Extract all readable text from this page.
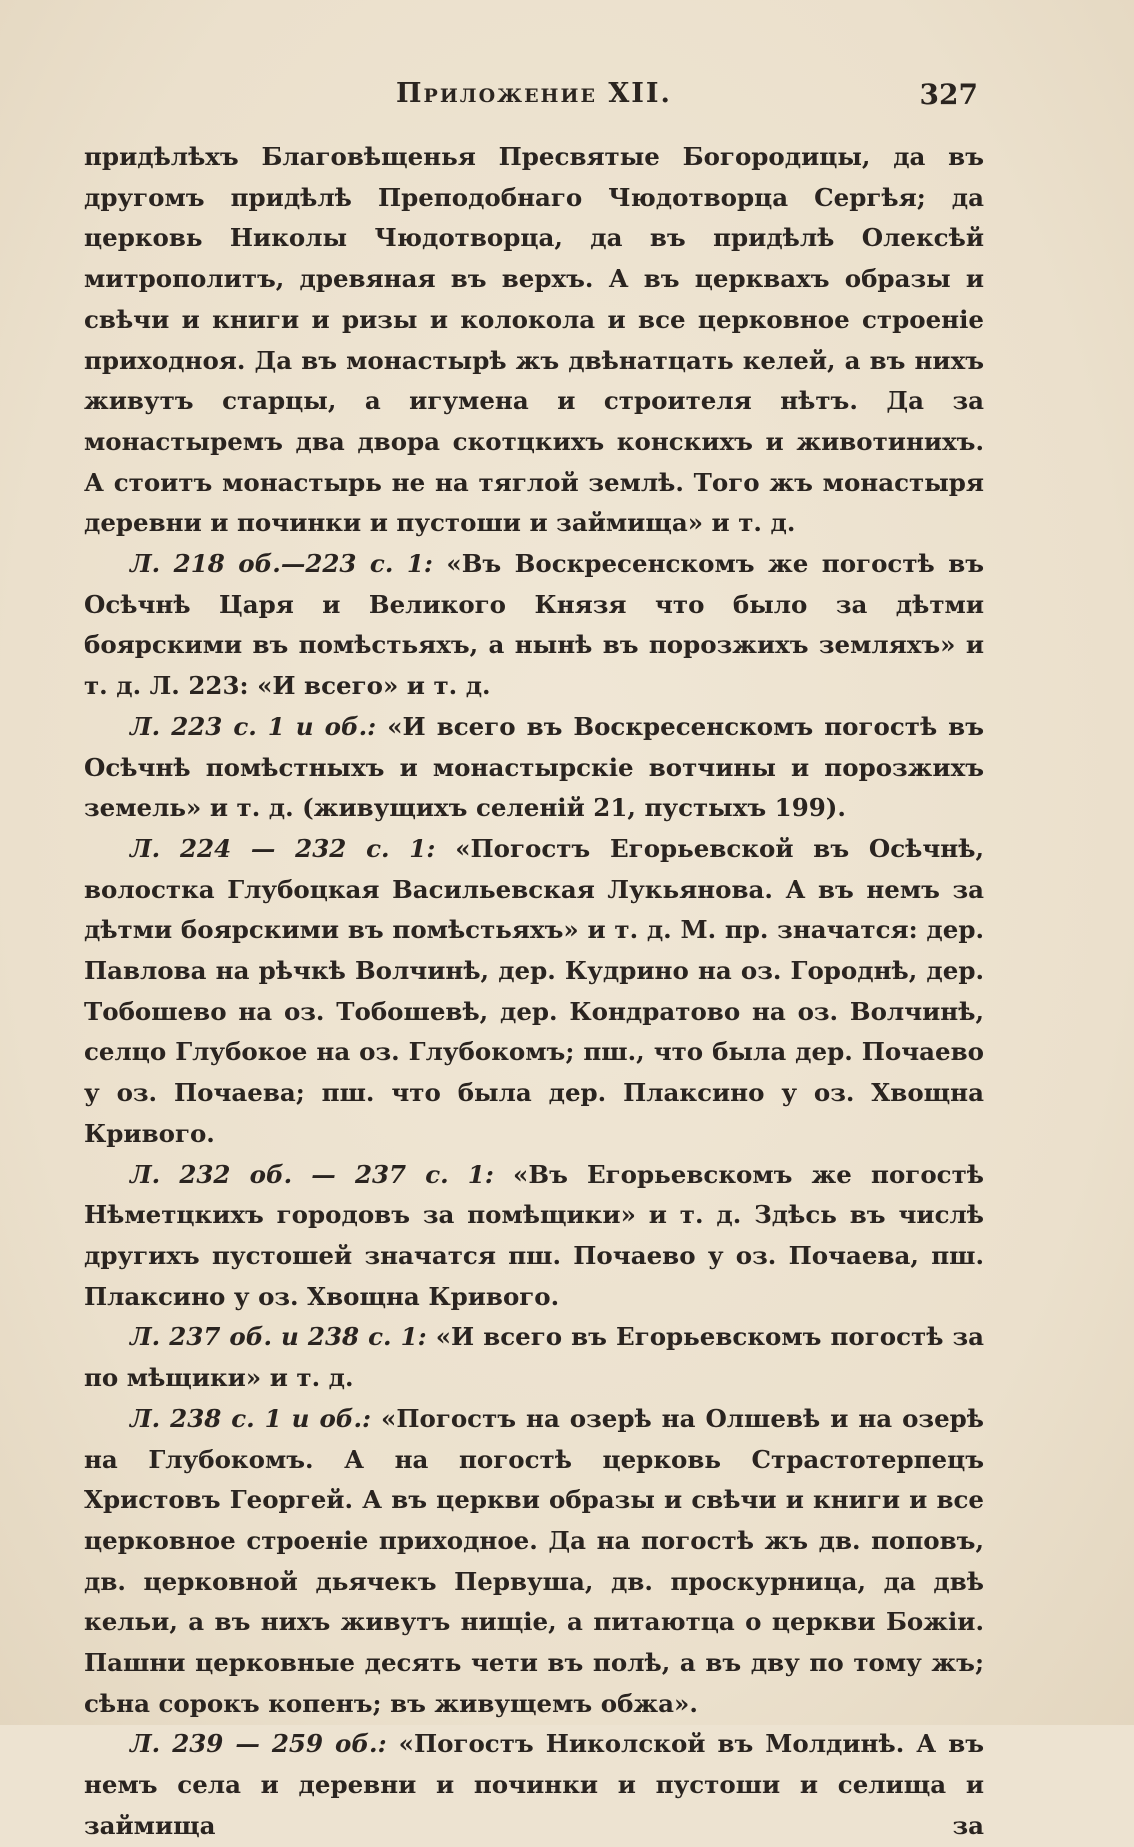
Приложение XII.	327

придѣлѣхъ Благовѣщенья Пресвятые Богородицы, да въ другомъ придѣлѣ Преподобнаго Чюдотворца Сергѣя; да церковь Николы Чюдотворца, да въ придѣлѣ Олексѣй митрополитъ, древяная въ верхъ. А въ церквахъ образы и свѣчи и книги и ризы и колокола и все церковное строеніе приходноя. Да въ монастырѣ жъ двѣнатцать келей, а въ нихъ живутъ старцы, а игумена и строителя нѣтъ. Да за монастыремъ два двора скотцкихъ конскихъ и животинихъ. А стоитъ монастырь не на тяглой землѣ. Того жъ монастыря деревни и починки и пустоши и займища» и т. д.

Л. 218 об.—223 с. 1: «Въ Воскресенскомъ же погостѣ въ Осѣчнѣ Царя и Великого Князя что было за дѣтми боярскими въ помѣстьяхъ, а нынѣ въ порозжихъ земляхъ» и т. д. Л. 223: «И всего» и т. д.

Л. 223 с. 1 и об.: «И всего въ Воскресенскомъ погостѣ въ Осѣчнѣ помѣстныхъ и монастырскіе вотчины и порозжихъ земель» и т. д. (живущихъ селеній 21, пустыхъ 199).

Л. 224 — 232 с. 1: «Погостъ Егорьевской въ Осѣчнѣ, волостка Глубоцкая Васильевская Лукьянова. А въ немъ за дѣтми боярскими въ помѣстьяхъ» и т. д. М. пр. значатся: дер. Павлова на рѣчкѣ Волчинѣ, дер. Кудрино на оз. Городнѣ, дер. Тобошево на оз. Тобошевѣ, дер. Кондратово на оз. Волчинѣ, селцо Глубокое на оз. Глубокомъ; пш., что была дер. Почаево у оз. Почаева; пш. что была дер. Плаксино у оз. Хвощна Кривого.

Л. 232 об. — 237 с. 1: «Въ Егорьевскомъ же погостѣ Нѣметцкихъ городовъ за помѣщики» и т. д. Здѣсь въ числѣ другихъ пустошей значатся пш. Почаево у оз. Почаева, пш. Плаксино у оз. Хвощна Кривого.

Л. 237 об. и 238 с. 1: «И всего въ Егорьевскомъ погостѣ за по мѣщики» и т. д.

Л. 238 с. 1 и об.: «Погостъ на озерѣ на Олшевѣ и на озерѣ на Глубокомъ. А на погостѣ церковь Страстотерпецъ Христовъ Георгей. А въ церкви образы и свѣчи и книги и все церковное строеніе приходное. Да на погостѣ жъ дв. поповъ, дв. церковной дьячекъ Первуша, дв. проскурница, да двѣ кельи, а въ нихъ живутъ нищіе, а питаютца о церкви Божіи. Пашни церковные десять чети въ полѣ, а въ дву по тому жъ; сѣна сорокъ копенъ; въ живущемъ обжа».

Л. 239 — 259 об.: «Погостъ Николской въ Молдинѣ. А въ немъ села и деревни и починки и пустоши и селища и займища за
